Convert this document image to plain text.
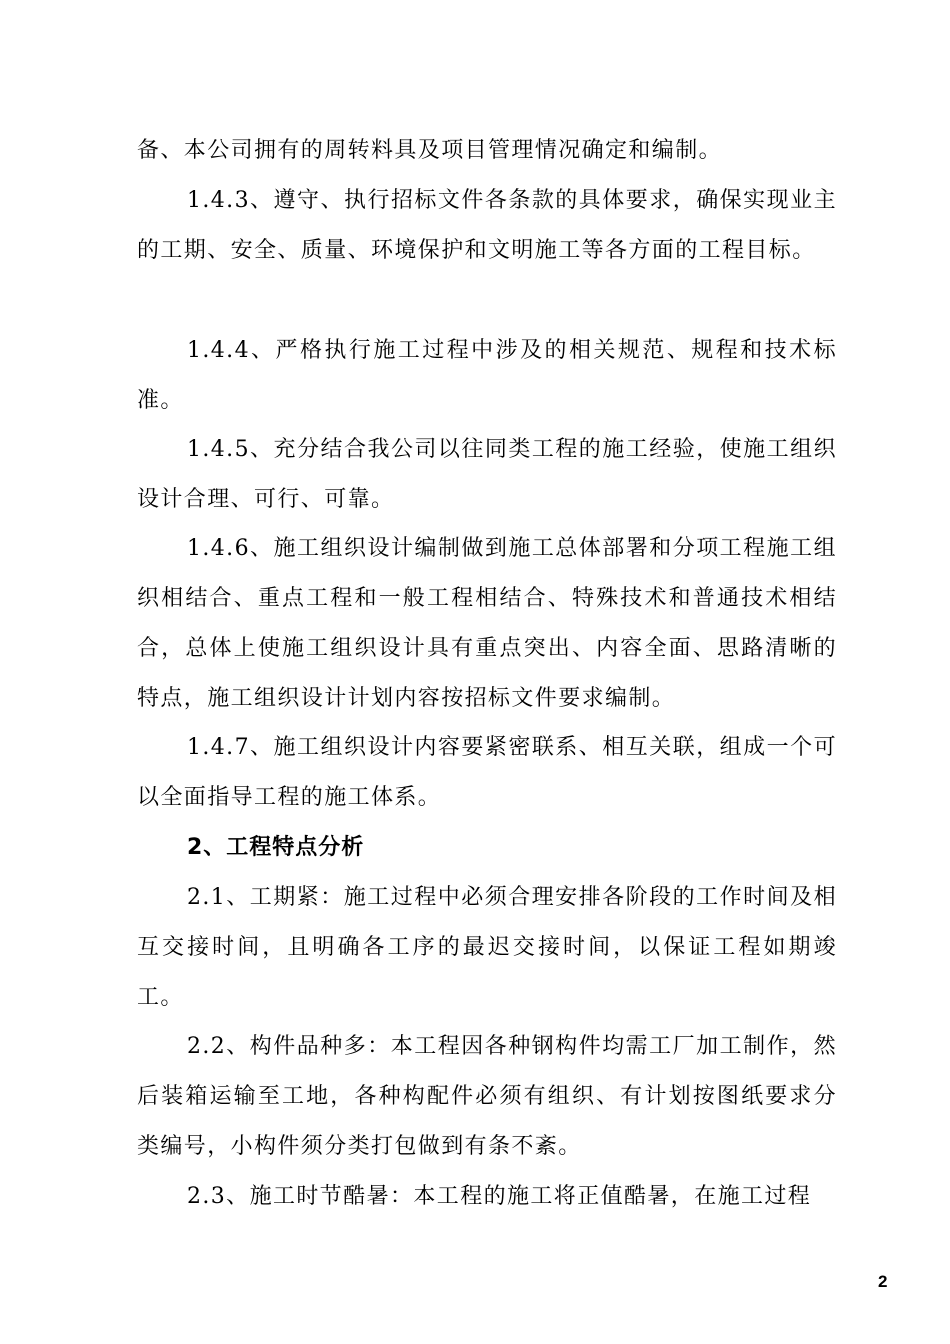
备、本公司拥有的周转料具及项目管理情况确定和编制。

1.4.3、遵守、执行招标文件各条款的具体要求，确保实现业主的工期、安全、质量、环境保护和文明施工等各方面的工程目标。

1.4.4、严格执行施工过程中涉及的相关规范、规程和技术标准。

1.4.5、充分结合我公司以往同类工程的施工经验，使施工组织设计合理、可行、可靠。

1.4.6、施工组织设计编制做到施工总体部署和分项工程施工组织相结合、重点工程和一般工程相结合、特殊技术和普通技术相结合，总体上使施工组织设计具有重点突出、内容全面、思路清晰的特点，施工组织设计计划内容按招标文件要求编制。

1.4.7、施工组织设计内容要紧密联系、相互关联，组成一个可以全面指导工程的施工体系。

2、工程特点分析

2.1、工期紧：施工过程中必须合理安排各阶段的工作时间及相互交接时间，且明确各工序的最迟交接时间，以保证工程如期竣工。

2.2、构件品种多：本工程因各种钢构件均需工厂加工制作，然后装箱运输至工地，各种构配件必须有组织、有计划按图纸要求分类编号，小构件须分类打包做到有条不紊。

2.3、施工时节酷暑：本工程的施工将正值酷暑，在施工过程

2
